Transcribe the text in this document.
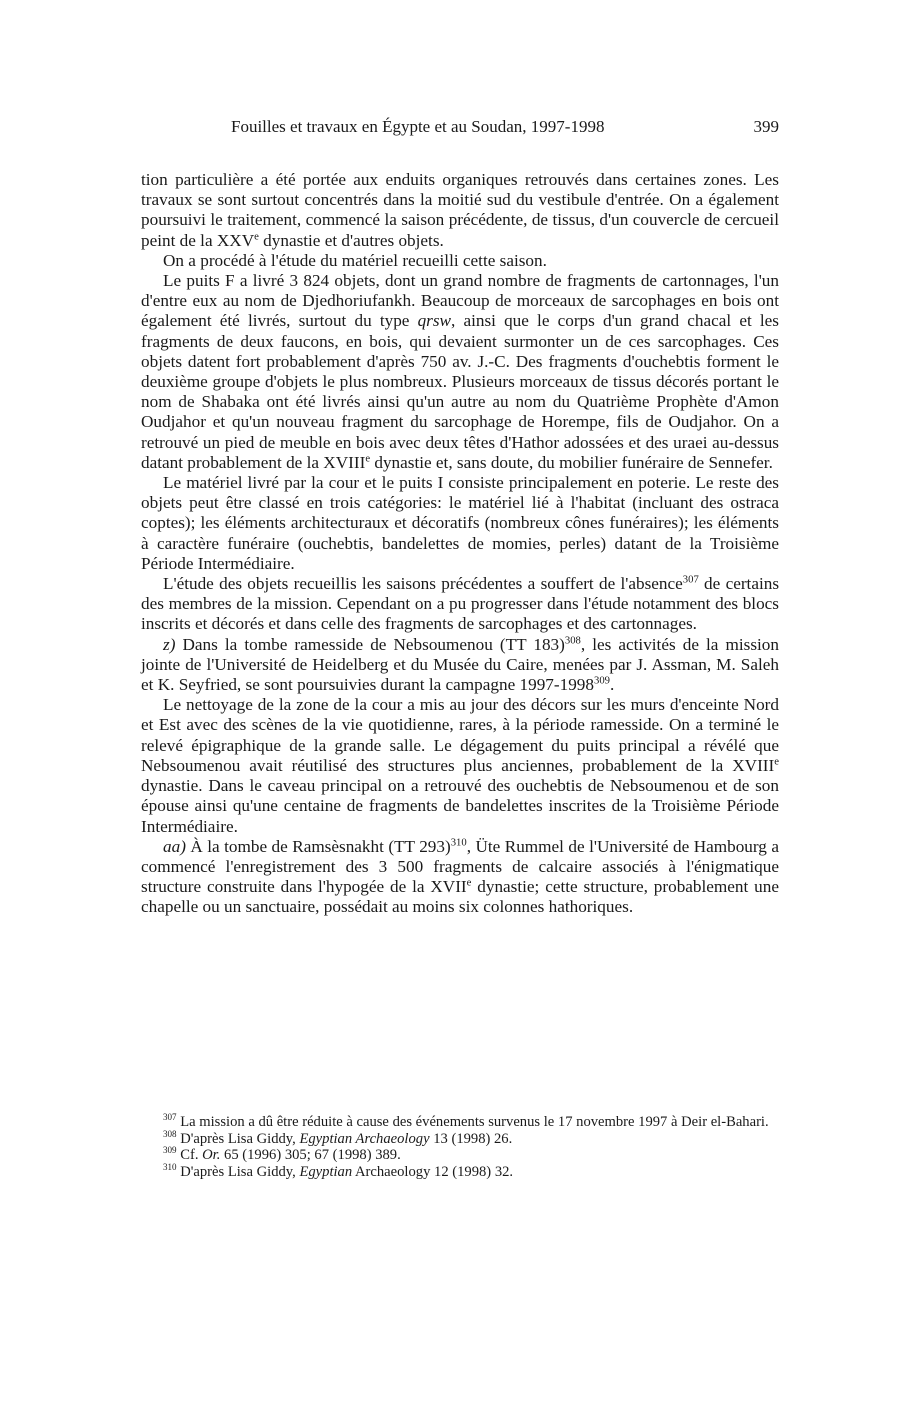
Fouilles et travaux en Égypte et au Soudan, 1997-1998	399

tion particulière a été portée aux enduits organiques retrouvés dans certaines zones. Les travaux se sont surtout concentrés dans la moitié sud du vestibule d'entrée. On a également poursuivi le traitement, commencé la saison précédente, de tissus, d'un couvercle de cercueil peint de la XXVe dynastie et d'autres objets.

On a procédé à l'étude du matériel recueilli cette saison.

Le puits F a livré 3 824 objets, dont un grand nombre de fragments de cartonnages, l'un d'entre eux au nom de Djedhoriufankh. Beaucoup de morceaux de sarcophages en bois ont également été livrés, surtout du type qrsw, ainsi que le corps d'un grand chacal et les fragments de deux faucons, en bois, qui devaient surmonter un de ces sarcophages. Ces objets datent fort probablement d'après 750 av. J.-C. Des fragments d'ouchebtis forment le deuxième groupe d'objets le plus nombreux. Plusieurs morceaux de tissus décorés portant le nom de Shabaka ont été livrés ainsi qu'un autre au nom du Quatrième Prophète d'Amon Oudjahor et qu'un nouveau fragment du sarcophage de Horempe, fils de Oudjahor. On a retrouvé un pied de meuble en bois avec deux têtes d'Hathor adossées et des uraei au-dessus datant probablement de la XVIIIe dynastie et, sans doute, du mobilier funéraire de Sennefer.

Le matériel livré par la cour et le puits I consiste principalement en poterie. Le reste des objets peut être classé en trois catégories: le matériel lié à l'habitat (incluant des ostraca coptes); les éléments architecturaux et décoratifs (nombreux cônes funéraires); les éléments à caractère funéraire (ouchebtis, bandelettes de momies, perles) datant de la Troisième Période Intermédiaire.

L'étude des objets recueillis les saisons précédentes a souffert de l'absence$^{307}$ de certains des membres de la mission. Cependant on a pu progresser dans l'étude notamment des blocs inscrits et décorés et dans celle des fragments de sarcophages et des cartonnages.

z) Dans la tombe ramesside de Nebsoumenou (TT 183)$^{308}$, les activités de la mission jointe de l'Université de Heidelberg et du Musée du Caire, menées par J. Assman, M. Saleh et K. Seyfried, se sont poursuivies durant la campagne 1997-1998$^{309}$.

Le nettoyage de la zone de la cour a mis au jour des décors sur les murs d'enceinte Nord et Est avec des scènes de la vie quotidienne, rares, à la période ramesside. On a terminé le relevé épigraphique de la grande salle. Le dégagement du puits principal a révélé que Nebsoumenou avait réutilisé des structures plus anciennes, probablement de la XVIIIe dynastie. Dans le caveau principal on a retrouvé des ouchebtis de Nebsoumenou et de son épouse ainsi qu'une centaine de fragments de bandelettes inscrites de la Troisième Période Intermédiaire.

aa) À la tombe de Ramsèsnakht (TT 293)$^{310}$, Üte Rummel de l'Université de Hambourg a commencé l'enregistrement des 3 500 fragments de calcaire associés à l'énigmatique structure construite dans l'hypogée de la XVIIe dynastie; cette structure, probablement une chapelle ou un sanctuaire, possédait au moins six colonnes hathoriques.

$^{307}$ La mission a dû être réduite à cause des événements survenus le 17 novembre 1997 à Deir el-Bahari.

$^{308}$ D'après Lisa Giddy, Egyptian Archaeology 13 (1998) 26.

$^{309}$ Cf. Or. 65 (1996) 305; 67 (1998) 389.

$^{310}$ D'après Lisa Giddy, Egyptian Archaeology 12 (1998) 32.
